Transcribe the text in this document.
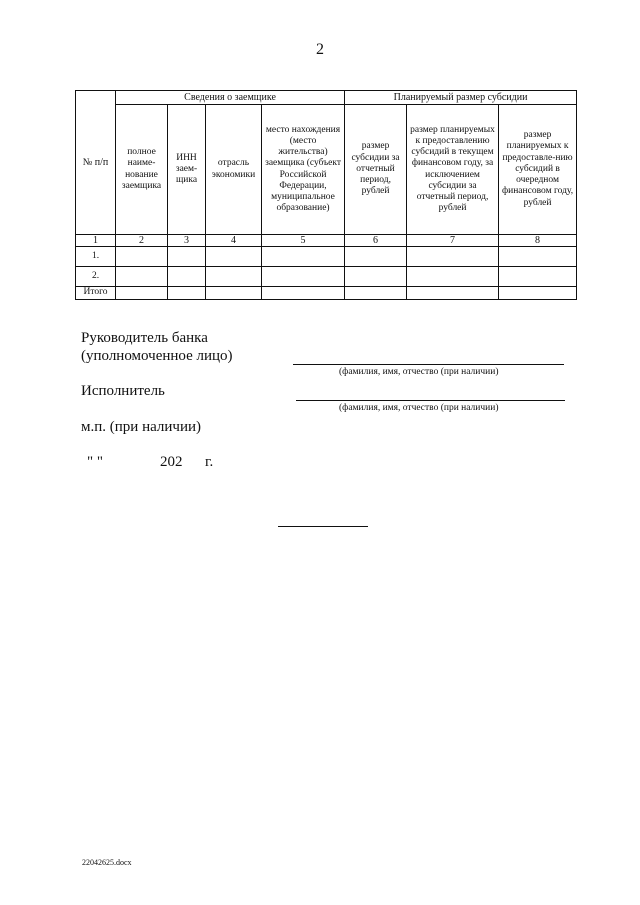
2
№ п/п	Сведения о заемщике				Планируемый размер субсидии		
	полное наиме-нование заемщика	ИНН заем-щика	отрасль экономики	место нахождения (место жительства) заемщика (субъект Российской Федерации, муниципальное образование)	размер субсидии за отчетный период, рублей	размер планируемых к предоставлению субсидий в текущем финансовом году, за исключением субсидии за отчетный период, рублей	размер планируемых к предоставле-нию субсидий в очередном финансовом году, рублей
1	2	3	4	5	6	7	8
1.							
2.							
Итого							
Руководитель банка
(уполномоченное лицо)
(фамилия, имя, отчество (при наличии)
Исполнитель
(фамилия, имя, отчество (при наличии)
м.п. (при наличии)
" "	202 г.
22042625.docx
